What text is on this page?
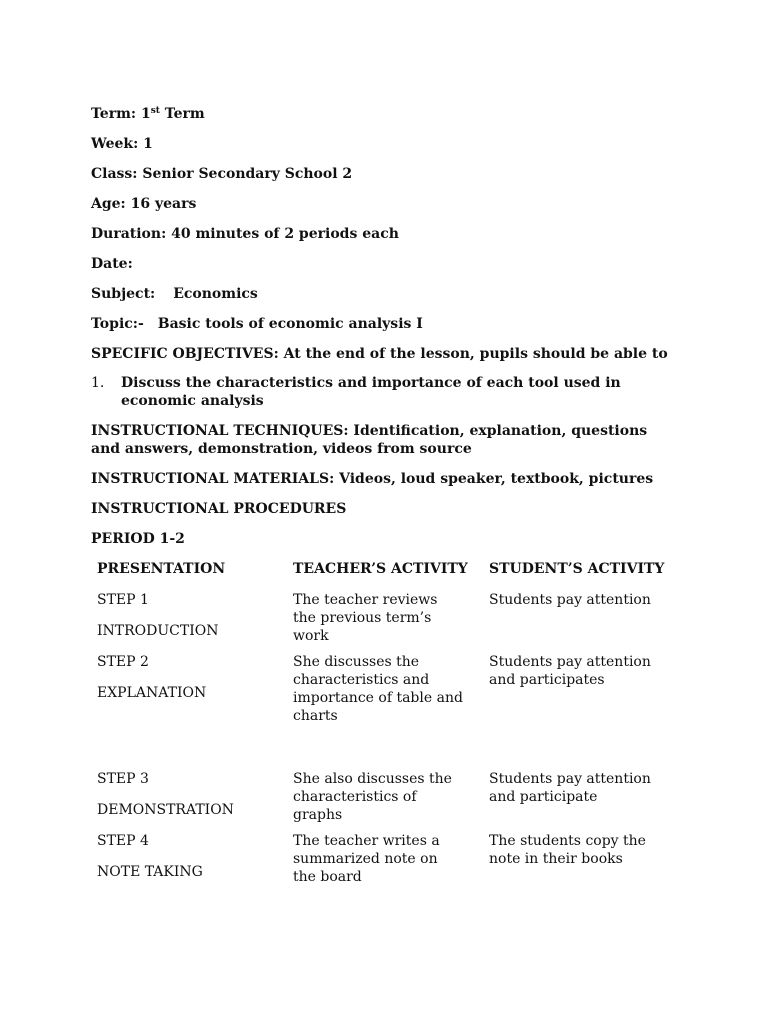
Term: 1st Term
Week: 1
Class: Senior Secondary School 2
Age: 16 years
Duration: 40 minutes of 2 periods each
Date:
Subject: Economics
Topic:- Basic tools of economic analysis I
SPECIFIC OBJECTIVES: At the end of the lesson, pupils should be able to
1. Discuss the characteristics and importance of each tool used in economic analysis
INSTRUCTIONAL TECHNIQUES: Identification, explanation, questions and answers, demonstration, videos from source
INSTRUCTIONAL MATERIALS: Videos, loud speaker, textbook, pictures
INSTRUCTIONAL PROCEDURES
PERIOD 1-2
PRESENTATION	TEACHER’S ACTIVITY STUDENT’S ACTIVITY
STEP 1
INTRODUCTION
The teacher reviews the previous term’s work
Students pay attention
STEP 2
EXPLANATION
She discusses the characteristics and importance of table and charts
Students pay attention and participates
STEP 3
DEMONSTRATION
She also discusses the characteristics of graphs
Students pay attention and participate
STEP 4
NOTE TAKING
The teacher writes a summarized note on the board
The students copy the note in their books
